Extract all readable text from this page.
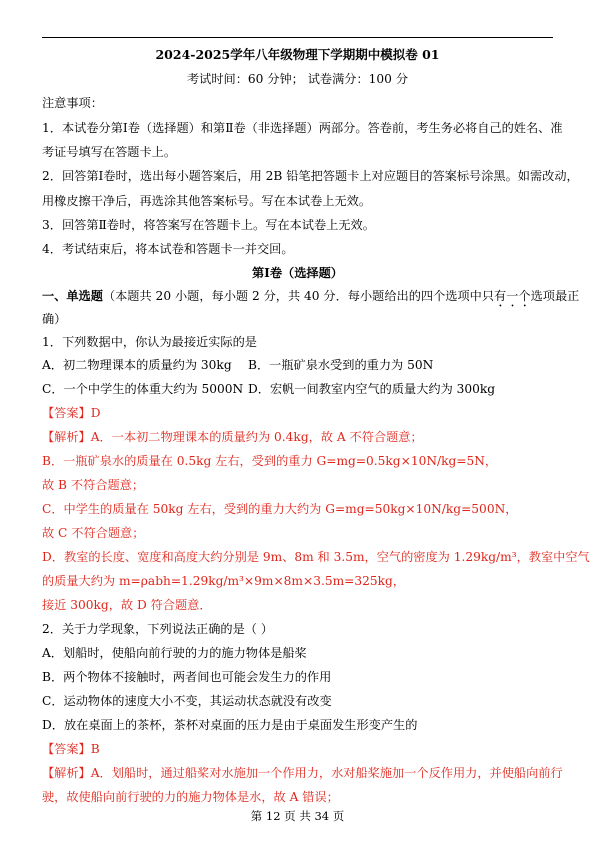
2024-2025学年八年级物理下学期期中模拟卷 01
考试时间：60 分钟； 试卷满分：100 分
注意事项：
1．本试卷分第Ⅰ卷（选择题）和第Ⅱ卷（非选择题）两部分。答卷前，考生务必将自己的姓名、准
考证号填写在答题卡上。
2．回答第Ⅰ卷时，选出每小题答案后，用 2B 铅笔把答题卡上对应题目的答案标号涂黑。如需改动，
用橡皮擦干净后，再选涂其他答案标号。写在本试卷上无效。
3．回答第Ⅱ卷时，将答案写在答题卡上。写在本试卷上无效。
4．考试结束后，将本试卷和答题卡一并交回。
第Ⅰ卷（选择题）
一、单选题（本题共 20 小题，每小题 2 分，共 40 分．每小题给出的四个选项中只有一个选项最正
确）
1．下列数据中，你认为最接近实际的是
A．初二物理课本的质量约为 30kg B．一瓶矿泉水受到的重力为 50N
C．一个中学生的体重大约为 5000N D．宏帆一间教室内空气的质量大约为 300kg
【答案】D
【解析】A．一本初二物理课本的质量约为 0.4kg，故 A 不符合题意；
B．一瓶矿泉水的质量在 0.5kg 左右，受到的重力 G=mg=0.5kg×10N/kg=5N，
故 B 不符合题意；
C．中学生的质量在 50kg 左右，受到的重力大约为 G=mg=50kg×10N/kg=500N，
故 C 不符合题意；
D．教室的长度、宽度和高度大约分别是 9m、8m 和 3.5m，空气的密度为 1.29kg/m³，教室中空气
的质量大约为 m=ρabh=1.29kg/m³×9m×8m×3.5m=325kg，
接近 300kg，故 D 符合题意．
2．关于力学现象，下列说法正确的是（ ）
A．划船时，使船向前行驶的力的施力物体是船桨
B．两个物体不接触时，两者间也可能会发生力的作用
C．运动物体的速度大小不变，其运动状态就没有改变
D．放在桌面上的茶杯，茶杯对桌面的压力是由于桌面发生形变产生的
【答案】B
【解析】A．划船时，通过船桨对水施加一个作用力，水对船桨施加一个反作用力，并使船向前行
驶，故使船向前行驶的力的施力物体是水，故 A 错误；
第 12 页 共 34 页
